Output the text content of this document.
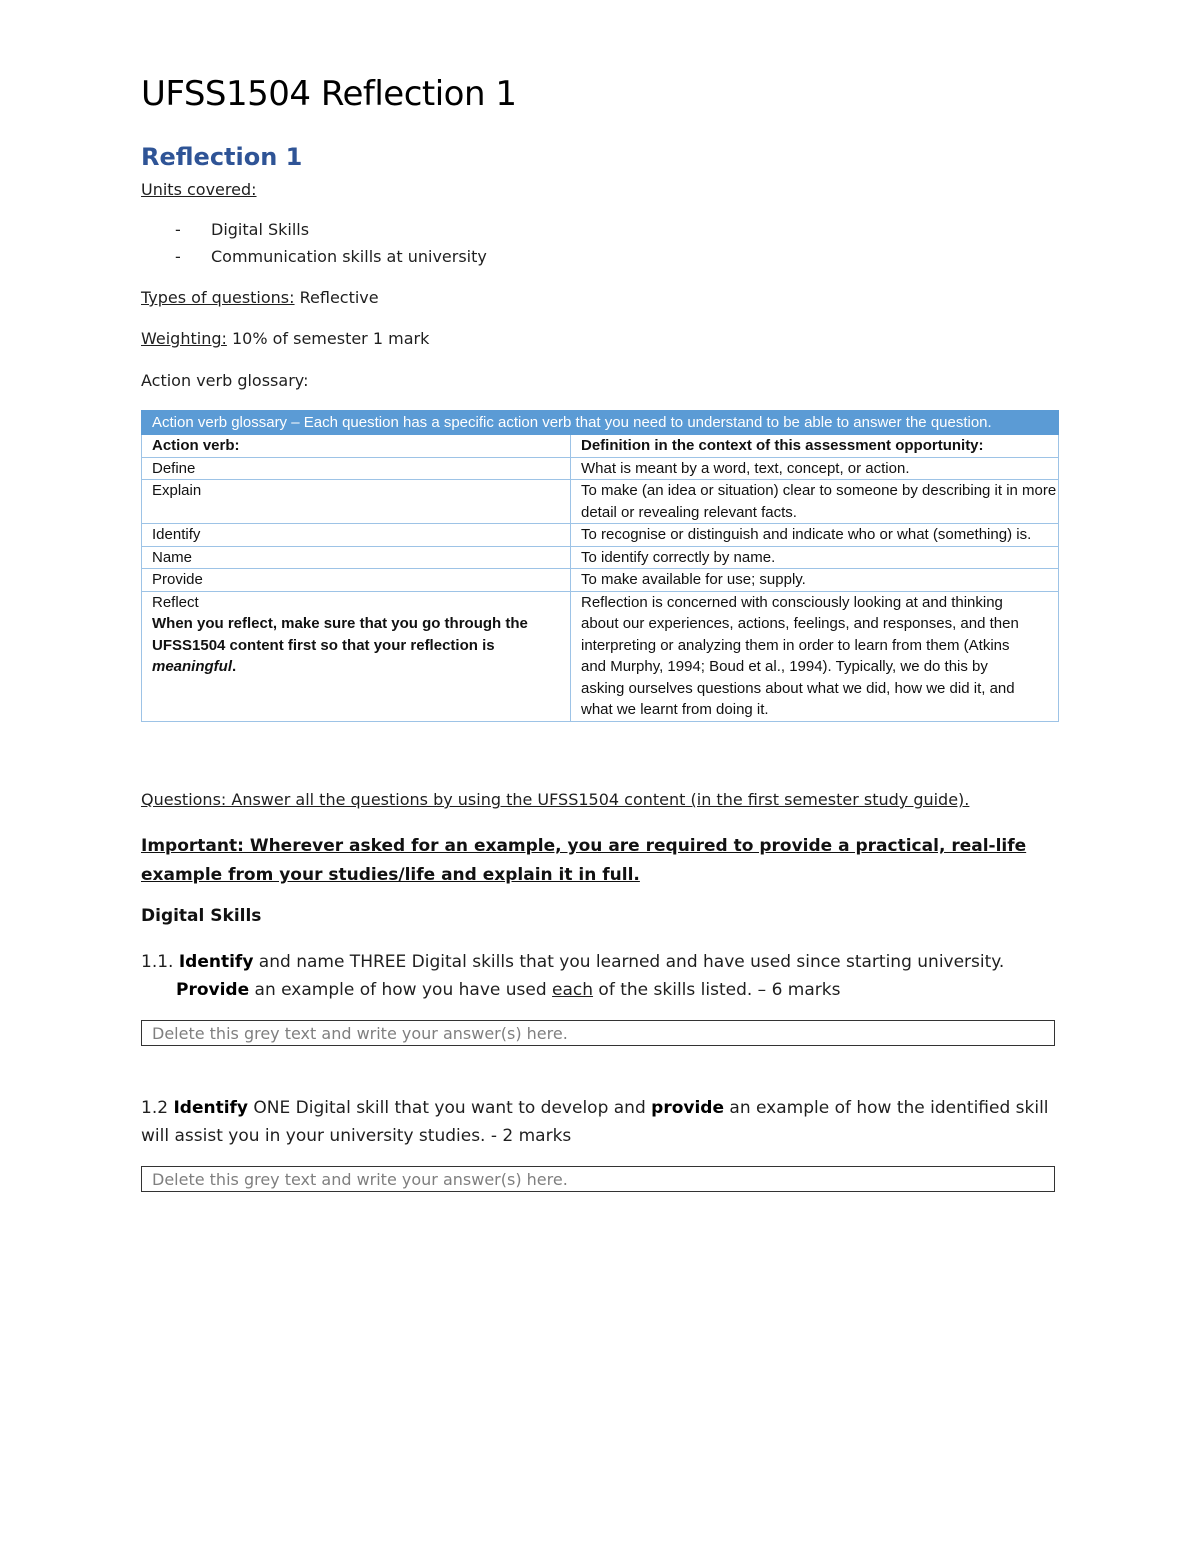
UFSS1504 Reflection 1
Reflection 1
Units covered:
- Digital Skills
- Communication skills at university
Types of questions: Reflective
Weighting: 10% of semester 1 mark
Action verb glossary:
Action verb glossary – Each question has a specific action verb that you need to understand to be able to answer the question.	
Action verb:	Definition in the context of this assessment opportunity:
Define	What is meant by a word, text, concept, or action.
Explain	To make (an idea or situation) clear to someone by describing it in more detail or revealing relevant facts.
Identify	To recognise or distinguish and indicate who or what (something) is.
Name	To identify correctly by name.
Provide	To make available for use; supply.

Reflect
When you reflect, make sure that you go through the UFSS1504 content first so that your reflection is meaningful.	Reflection is concerned with consciously looking at and thinking about our experiences, actions, feelings, and responses, and then interpreting or analyzing them in order to learn from them (Atkins and Murphy, 1994; Boud et al., 1994). Typically, we do this by asking ourselves questions about what we did, how we did it, and what we learnt from doing it.
Questions: Answer all the questions by using the UFSS1504 content (in the first semester study guide).
Important: Wherever asked for an example, you are required to provide a practical, real-life example from your studies/life and explain it in full.
Digital Skills
1.1. Identify and name THREE Digital skills that you learned and have used since starting university.
Provide an example of how you have used each of the skills listed. – 6 marks
Delete this grey text and write your answer(s) here.
1.2 Identify ONE Digital skill that you want to develop and provide an example of how the identified skill will assist you in your university studies. - 2 marks
Delete this grey text and write your answer(s) here.
